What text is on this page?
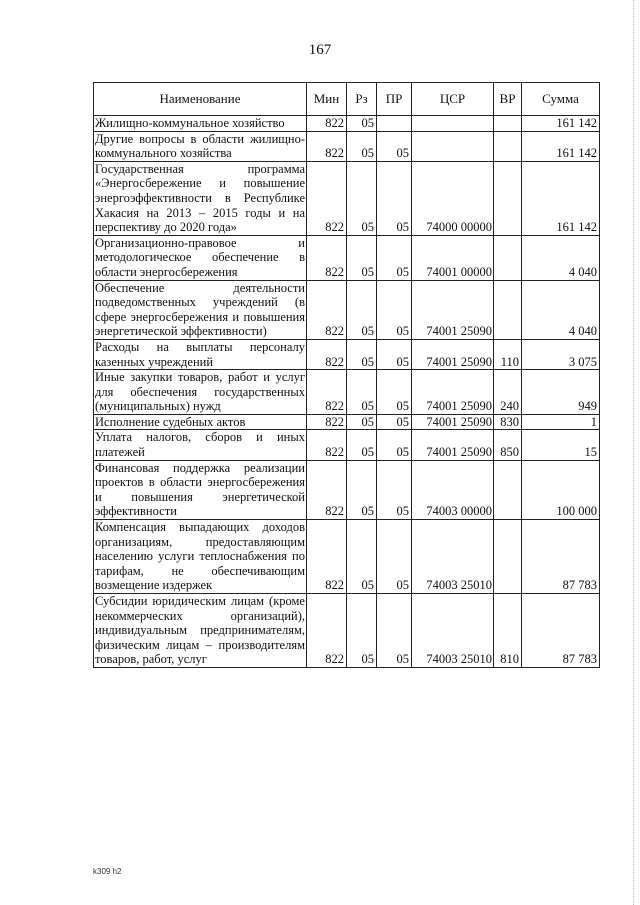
167
Наименование	Мин	Рз	ПР	ЦСР	ВР	Сумма
Жилищно-коммунальное хозяйство	822	05				161 142
Другие вопросы в области жилищно-коммунального хозяйства	822	05	05			161 142
Государственная программа «Энергосбережение и повышение энергоэффективности в Республике Хакасия на 2013 – 2015 годы и на перспективу до 2020 года»	822	05	05	74000 00000		161 142
Организационно-правовое и методологическое обеспечение в области энергосбережения	822	05	05	74001 00000		4 040
Обеспечение деятельности подведомственных учреждений (в сфере энергосбережения и повышения энергетической эффективности)	822	05	05	74001 25090		4 040
Расходы на выплаты персоналу казенных учреждений	822	05	05	74001 25090	110	3 075
Иные закупки товаров, работ и услуг для обеспечения государственных (муниципальных) нужд	822	05	05	74001 25090	240	949
Исполнение судебных актов	822	05	05	74001 25090	830	1
Уплата налогов, сборов и иных платежей	822	05	05	74001 25090	850	15
Финансовая поддержка реализации проектов в области энергосбережения и повышения энергетической эффективности	822	05	05	74003 00000		100 000
Компенсация выпадающих доходов организациям, предоставляющим населению услуги теплоснабжения по тарифам, не обеспечивающим возмещение издержек	822	05	05	74003 25010		87 783
Субсидии юридическим лицам (кроме некоммерческих организаций), индивидуальным предпринимателям, физическим лицам – производителям товаров, работ, услуг	822	05	05	74003 25010	810	87 783
k309 h2
